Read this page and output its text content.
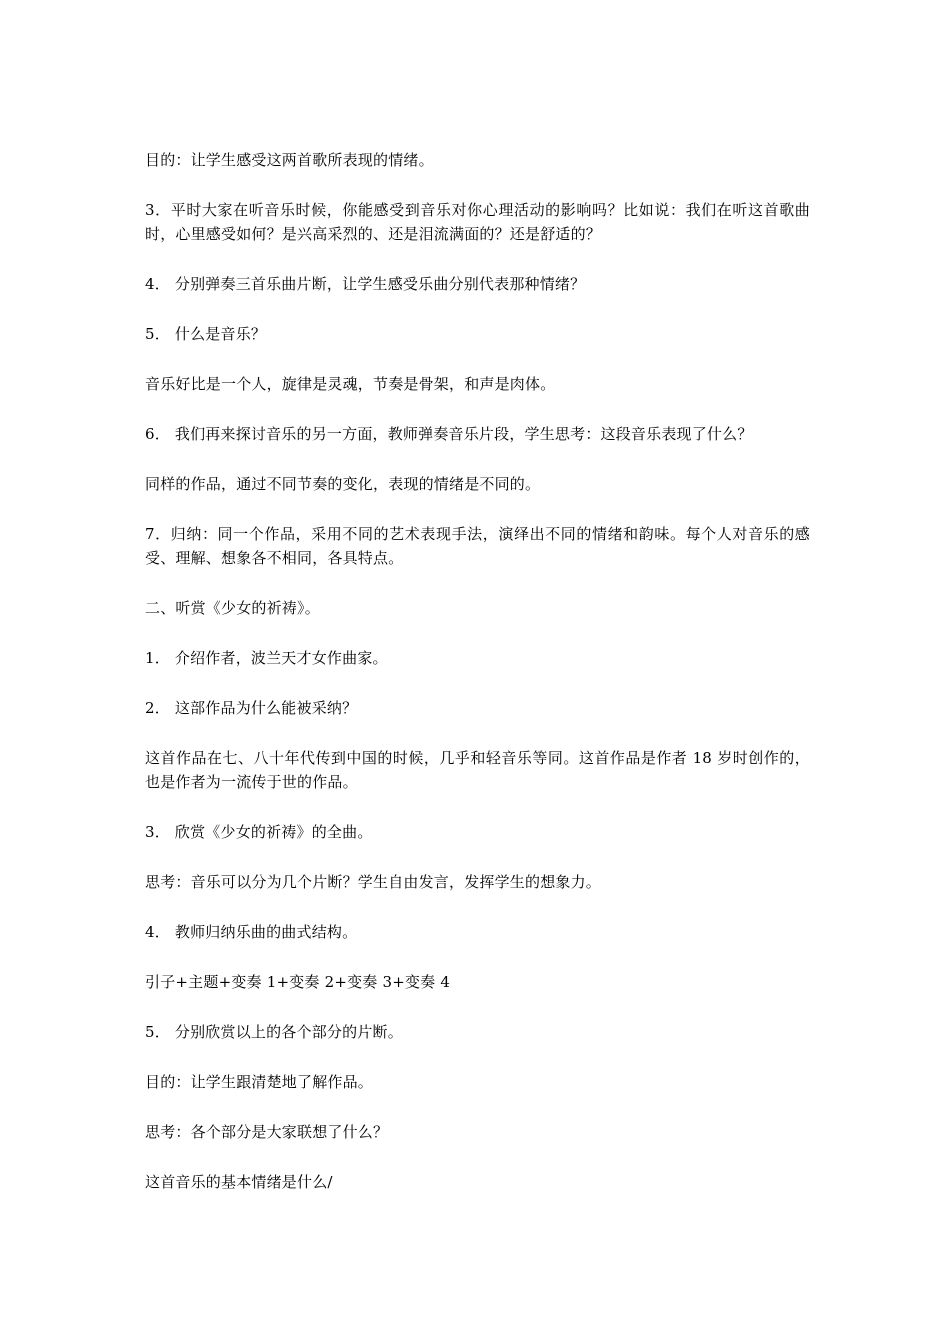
目的：让学生感受这两首歌所表现的情绪。

3．平时大家在听音乐时候，你能感受到音乐对你心理活动的影响吗？比如说：我们在听这首歌曲时，心里感受如何？是兴高采烈的、还是泪流满面的？还是舒适的？

4． 分别弹奏三首乐曲片断，让学生感受乐曲分别代表那种情绪？

5． 什么是音乐？

音乐好比是一个人，旋律是灵魂，节奏是骨架，和声是肉体。

6． 我们再来探讨音乐的另一方面，教师弹奏音乐片段，学生思考：这段音乐表现了什么？

同样的作品，通过不同节奏的变化，表现的情绪是不同的。

7．归纳：同一个作品，采用不同的艺术表现手法，演绎出不同的情绪和韵味。每个人对音乐的感受、理解、想象各不相同，各具特点。

二、听赏《少女的祈祷》。

1． 介绍作者，波兰天才女作曲家。

2． 这部作品为什么能被采纳？

这首作品在七、八十年代传到中国的时候，几乎和轻音乐等同。这首作品是作者 18 岁时创作的，也是作者为一流传于世的作品。

3． 欣赏《少女的祈祷》的全曲。

思考：音乐可以分为几个片断？学生自由发言，发挥学生的想象力。

4． 教师归纳乐曲的曲式结构。

引子+主题+变奏 1+变奏 2+变奏 3+变奏 4

5． 分别欣赏以上的各个部分的片断。

目的：让学生跟清楚地了解作品。

思考：各个部分是大家联想了什么？

这首音乐的基本情绪是什么/
